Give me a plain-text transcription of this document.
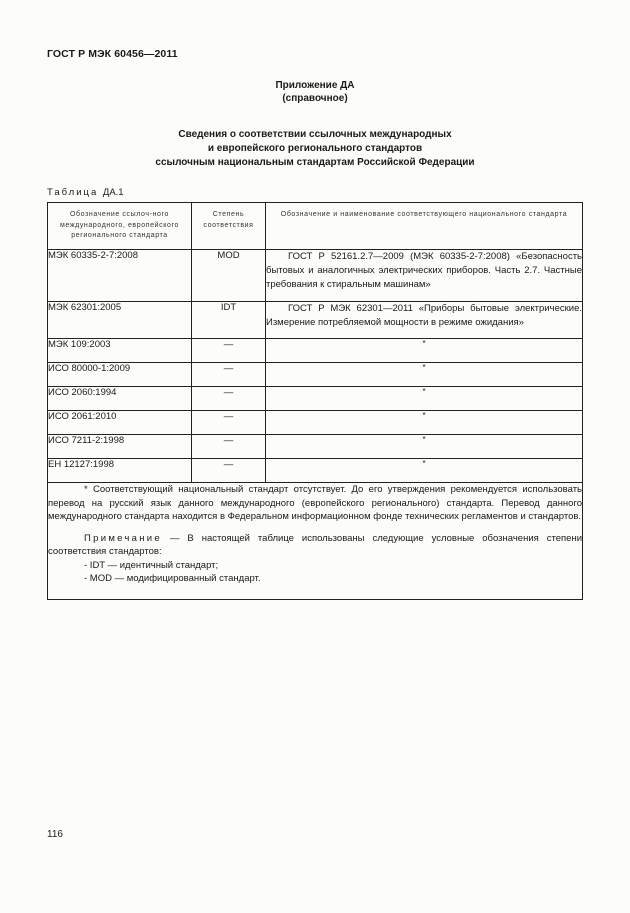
ГОСТ Р МЭК 60456—2011
Приложение ДА
(справочное)
Сведения о соответствии ссылочных международных
и европейского регионального стандартов
ссылочным национальным стандартам Российской Федерации
Таблица ДА.1
Обозначение ссылоч-ного международного, европейского регионального стандарта	Степень соответствия	Обозначение и наименование соответствующего национального стандарта
МЭК 60335-2-7:2008	MOD	ГОСТ Р 52161.2.7—2009 (МЭК 60335-2-7:2008) «Безопасность бытовых и аналогичных электрических приборов. Часть 2.7. Частные требования к стиральным машинам»

МЭК 62301:2005	IDT	ГОСТ Р МЭК 62301—2011 «Приборы бытовые электрические. Измерение потребляемой мощности в режиме ожидания»

МЭК 109:2003	—	*
ИСО 80000-1:2009	—	*
ИСО 2060:1994	—	*
ИСО 2061:2010	—	*
ИСО 7211-2:1998	—	*
ЕН 12127:1998	—	*

* Соответствующий национальный стандарт отсутствует. До его утверждения рекомендуется использовать перевод на русский язык данного международного (европейского регионального) стандарта. Перевод данного международного стандарта находится в Федеральном информационном фонде технических регламентов и стандартов.
Примечание — В настоящей таблице использованы следующие условные обозначения степени соответствия стандартов:
- IDT — идентичный стандарт;
- MOD — модифицированный стандарт.		
116
